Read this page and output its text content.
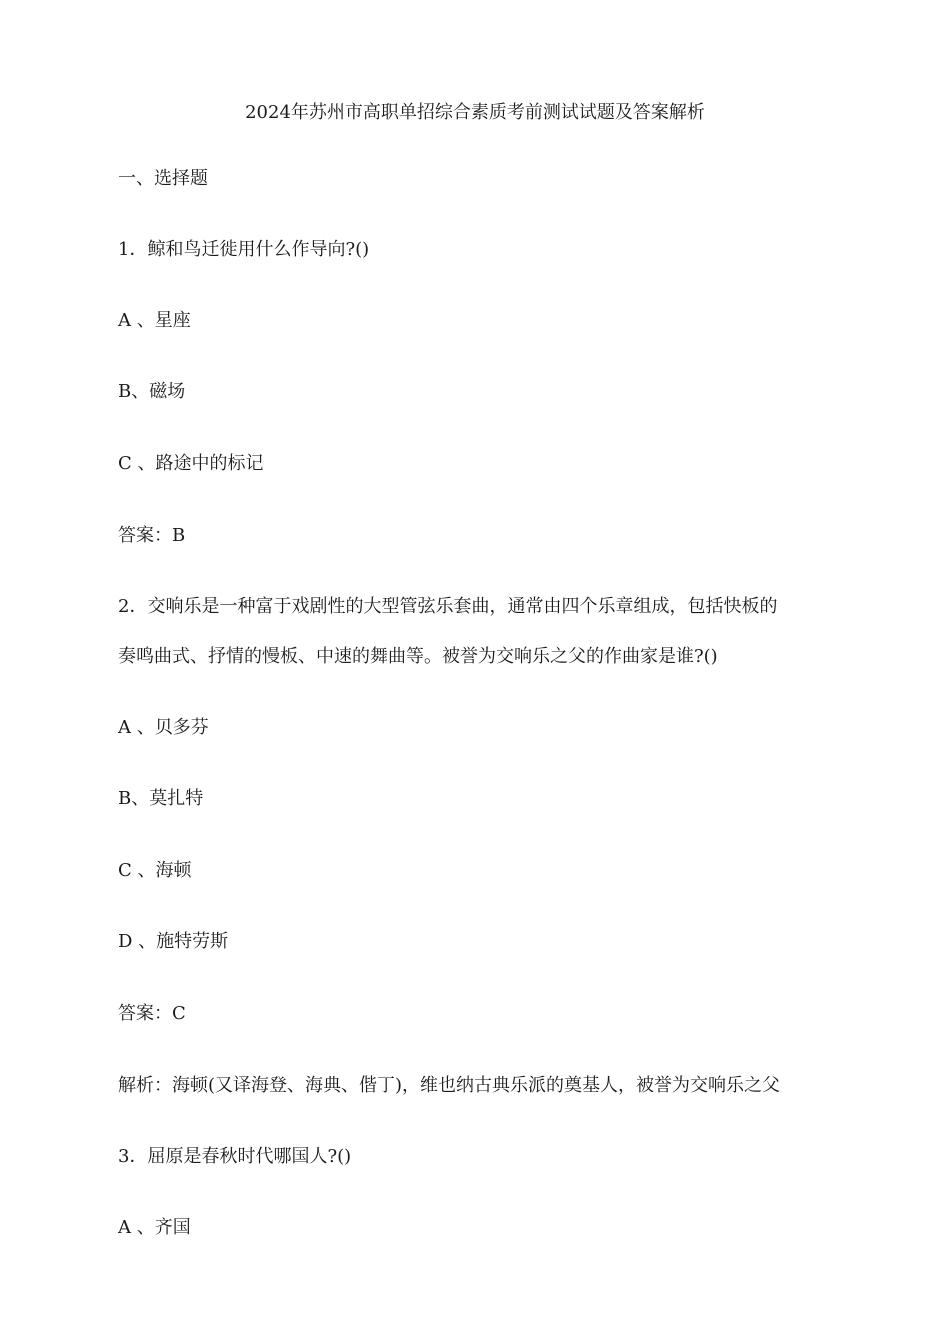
2024年苏州市高职单招综合素质考前测试试题及答案解析
一、选择题
1．鲸和鸟迁徙用什么作导向?()
A 、星座
B、磁场
C 、路途中的标记
答案：B
2．交响乐是一种富于戏剧性的大型管弦乐套曲，通常由四个乐章组成，包括快板的
奏鸣曲式、抒情的慢板、中速的舞曲等。被誉为交响乐之父的作曲家是谁?()
A 、贝多芬
B、莫扎特
C 、海顿
D 、施特劳斯
答案：C
解析：海顿(又译海登、海典、偕丁)，维也纳古典乐派的奠基人，被誉为交响乐之父
3．屈原是春秋时代哪国人?()
A 、齐国
